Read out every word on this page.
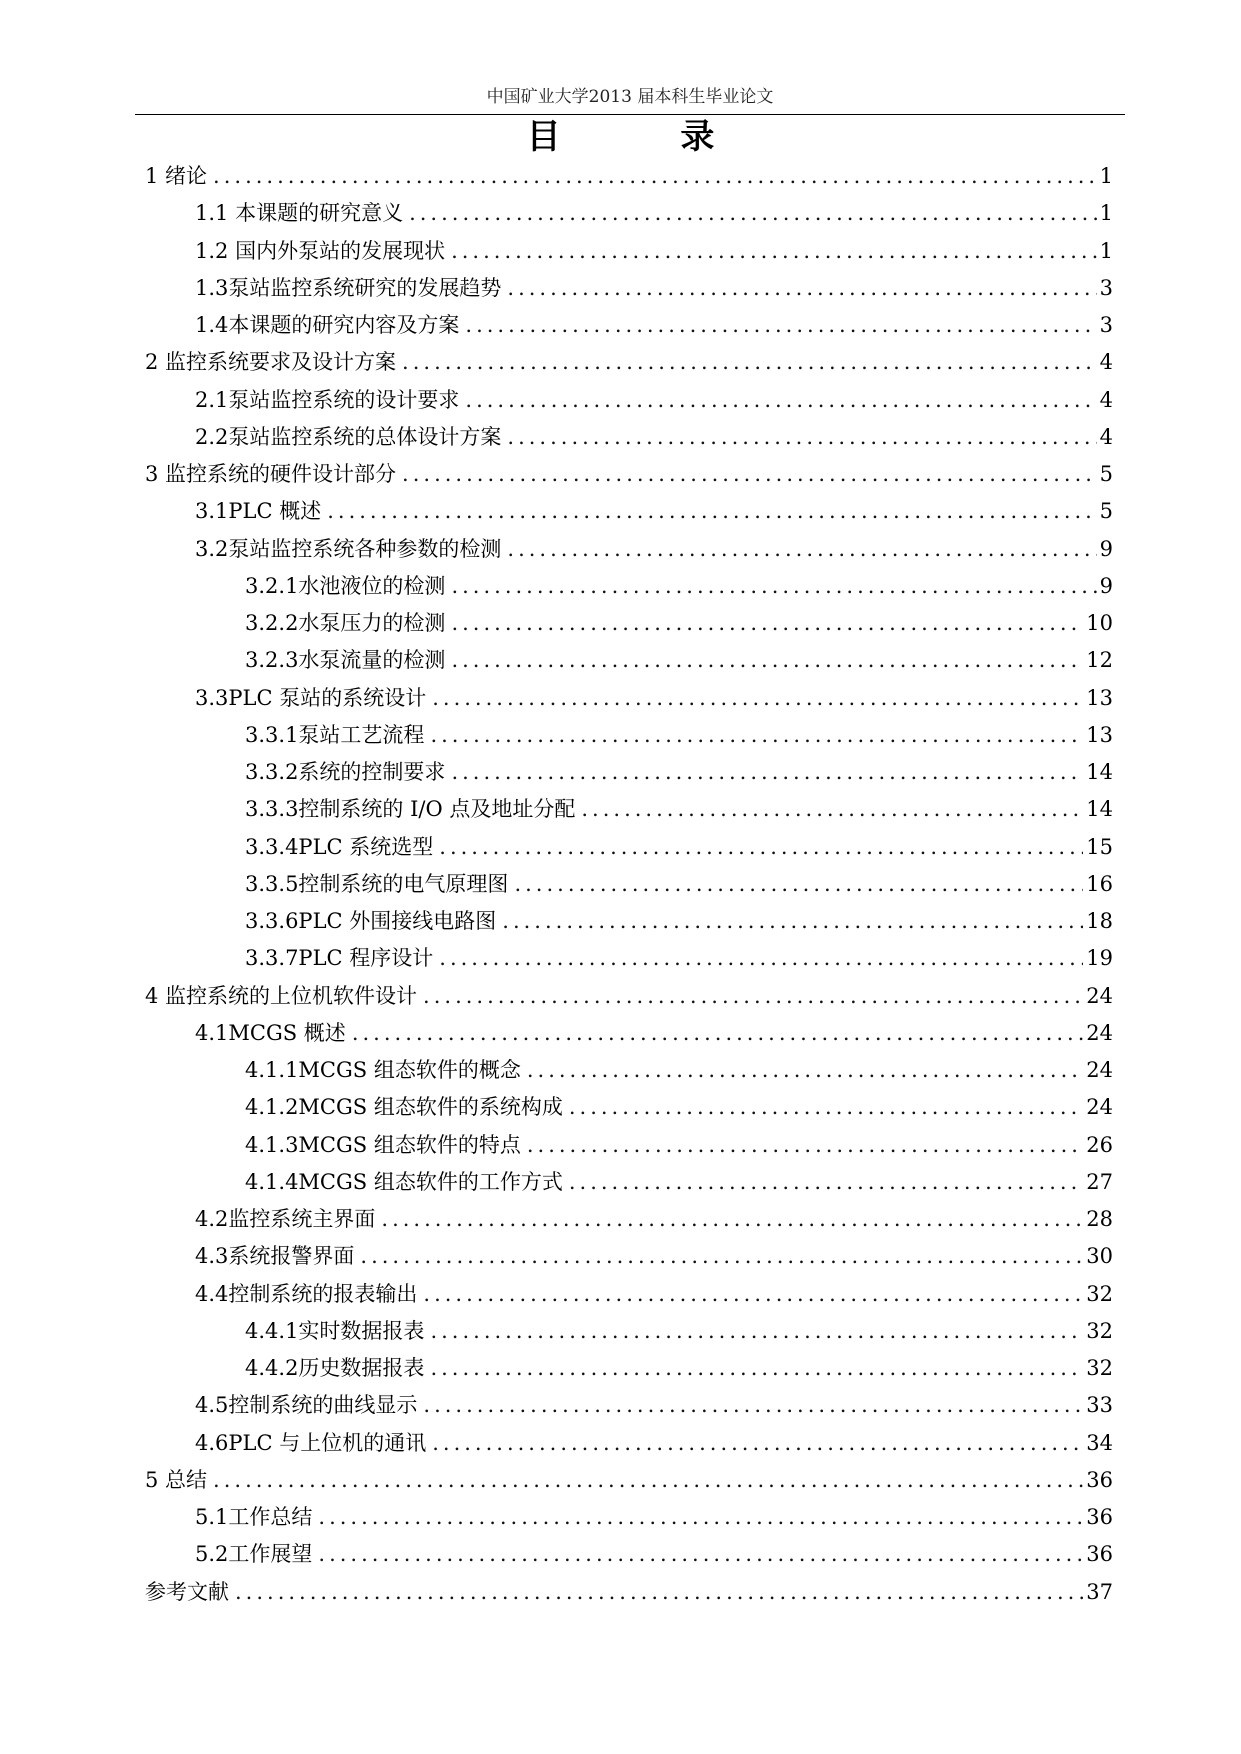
中国矿业大学2013 届本科生毕业论文
目 录
1 绪论 .....	1
1.1 本课题的研究意义 .....	1
1.2 国内外泵站的发展现状 .....	1
1.3泵站监控系统研究的发展趋势 .....	3
1.4本课题的研究内容及方案 .....	3
2 监控系统要求及设计方案 .....	4
2.1泵站监控系统的设计要求 .....	4
2.2泵站监控系统的总体设计方案 .....	4
3 监控系统的硬件设计部分 .....	5
3.1PLC 概述 .....	5
3.2泵站监控系统各种参数的检测 .....	9
3.2.1水池液位的检测 .....	9
3.2.2水泵压力的检测 .....	10
3.2.3水泵流量的检测 .....	12
3.3PLC 泵站的系统设计 .....	13
3.3.1泵站工艺流程 .....	13
3.3.2系统的控制要求 .....	14
3.3.3控制系统的 I/O 点及地址分配 .....	14
3.3.4PLC 系统选型 .....	15
3.3.5控制系统的电气原理图 .....	16
3.3.6PLC 外围接线电路图 .....	18
3.3.7PLC 程序设计 .....	19
4 监控系统的上位机软件设计 .....	24
4.1MCGS 概述 .....	24
4.1.1MCGS 组态软件的概念 .....	24
4.1.2MCGS 组态软件的系统构成 .....	24
4.1.3MCGS 组态软件的特点 .....	26
4.1.4MCGS 组态软件的工作方式 .....	27
4.2监控系统主界面 .....	28
4.3系统报警界面 .....	30
4.4控制系统的报表输出 .....	32
4.4.1实时数据报表 .....	32
4.4.2历史数据报表 .....	32
4.5控制系统的曲线显示 .....	33
4.6PLC 与上位机的通讯 .....	34
5 总结 .....	36
5.1工作总结 .....	36
5.2工作展望 .....	36
参考文献 .....	37
